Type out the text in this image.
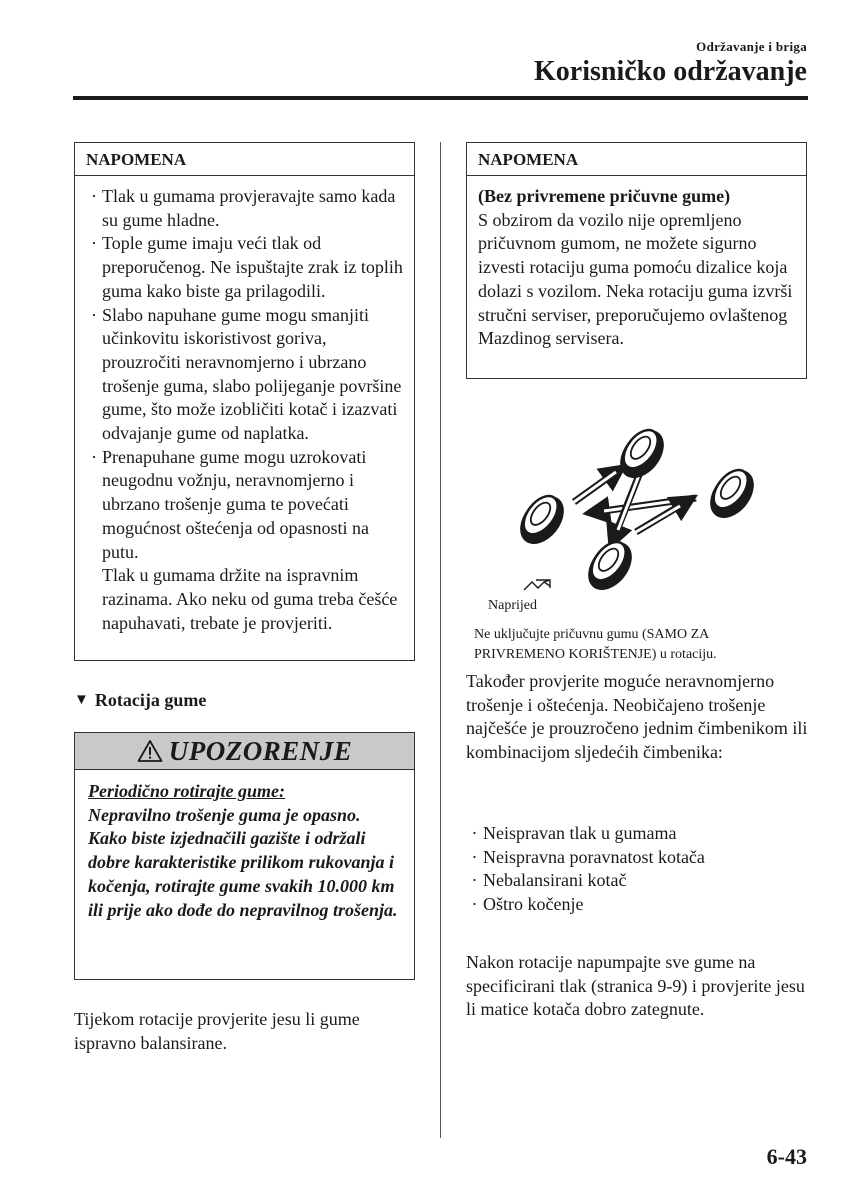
Održavanje i briga
Korisničko održavanje
NAPOMENA
· Tlak u gumama provjeravajte samo kada su gume hladne.
· Tople gume imaju veći tlak od preporučenog. Ne ispuštajte zrak iz toplih guma kako biste ga prilagodili.
· Slabo napuhane gume mogu smanjiti učinkovitu iskoristivost goriva, prouzročiti neravnomjerno i ubrzano trošenje guma, slabo polijeganje površine gume, što može izobličiti kotač i izazvati odvajanje gume od naplatka.
· Prenapuhane gume mogu uzrokovati neugodnu vožnju, neravnomjerno i ubrzano trošenje guma te povećati mogućnost oštećenja od opasnosti na putu.
Tlak u gumama držite na ispravnim razinama. Ako neku od guma treba češće napuhavati, trebate je provjeriti.
▼ Rotacija gume
UPOZORENJE
Periodično rotirajte gume:
Nepravilno trošenje guma je opasno. Kako biste izjednačili gazište i održali dobre karakteristike prilikom rukovanja i kočenja, rotirajte gume svakih 10.000 km ili prije ako dođe do nepravilnog trošenja.
Tijekom rotacije provjerite jesu li gume ispravno balansirane.
NAPOMENA
(Bez privremene pričuvne gume)
S obzirom da vozilo nije opremljeno pričuvnom gumom, ne možete sigurno izvesti rotaciju guma pomoću dizalice koja dolazi s vozilom. Neka rotaciju guma izvrši stručni serviser, preporučujemo ovlaštenog Mazdinog servisera.
Naprijed
Ne uključujte pričuvnu gumu (SAMO ZA PRIVREMENO KORIŠTENJE) u rotaciju.
Također provjerite moguće neravnomjerno trošenje i oštećenja. Neobičajeno trošenje najčešće je prouzročeno jednim čimbenikom ili kombinacijom sljedećih čimbenika:
· Neispravan tlak u gumama
· Neispravna poravnatost kotača
· Nebalansirani kotač
· Oštro kočenje
Nakon rotacije napumpajte sve gume na specificirani tlak (stranica 9-9) i provjerite jesu li matice kotača dobro zategnute.
6-43
